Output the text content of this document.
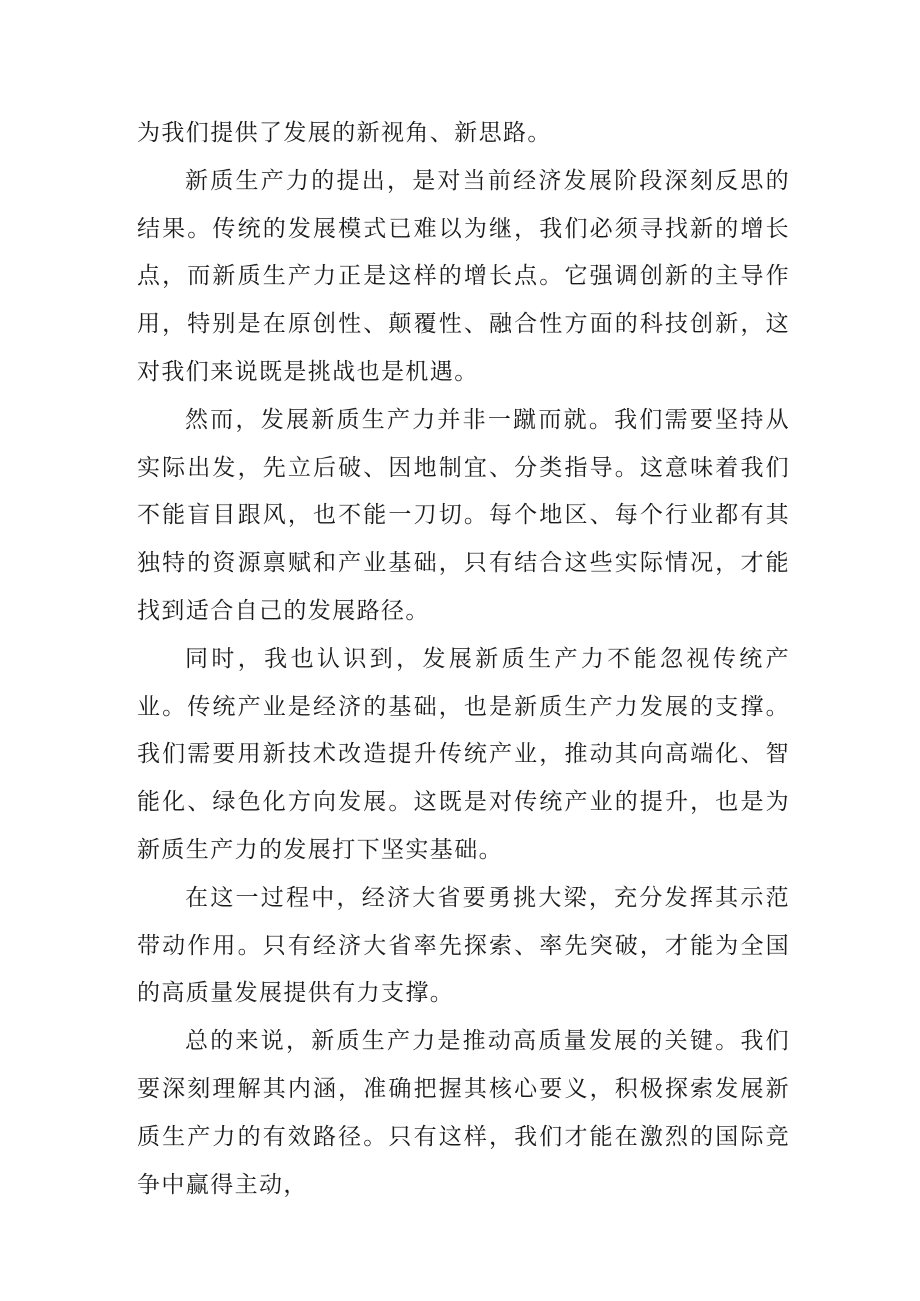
为我们提供了发展的新视角、新思路。

新质生产力的提出，是对当前经济发展阶段深刻反思的结果。传统的发展模式已难以为继，我们必须寻找新的增长点，而新质生产力正是这样的增长点。它强调创新的主导作用，特别是在原创性、颠覆性、融合性方面的科技创新，这对我们来说既是挑战也是机遇。

然而，发展新质生产力并非一蹴而就。我们需要坚持从实际出发，先立后破、因地制宜、分类指导。这意味着我们不能盲目跟风，也不能一刀切。每个地区、每个行业都有其独特的资源禀赋和产业基础，只有结合这些实际情况，才能找到适合自己的发展路径。

同时，我也认识到，发展新质生产力不能忽视传统产业。传统产业是经济的基础，也是新质生产力发展的支撑。我们需要用新技术改造提升传统产业，推动其向高端化、智能化、绿色化方向发展。这既是对传统产业的提升，也是为新质生产力的发展打下坚实基础。

在这一过程中，经济大省要勇挑大梁，充分发挥其示范带动作用。只有经济大省率先探索、率先突破，才能为全国的高质量发展提供有力支撑。

总的来说，新质生产力是推动高质量发展的关键。我们要深刻理解其内涵，准确把握其核心要义，积极探索发展新质生产力的有效路径。只有这样，我们才能在激烈的国际竞争中赢得主动，
